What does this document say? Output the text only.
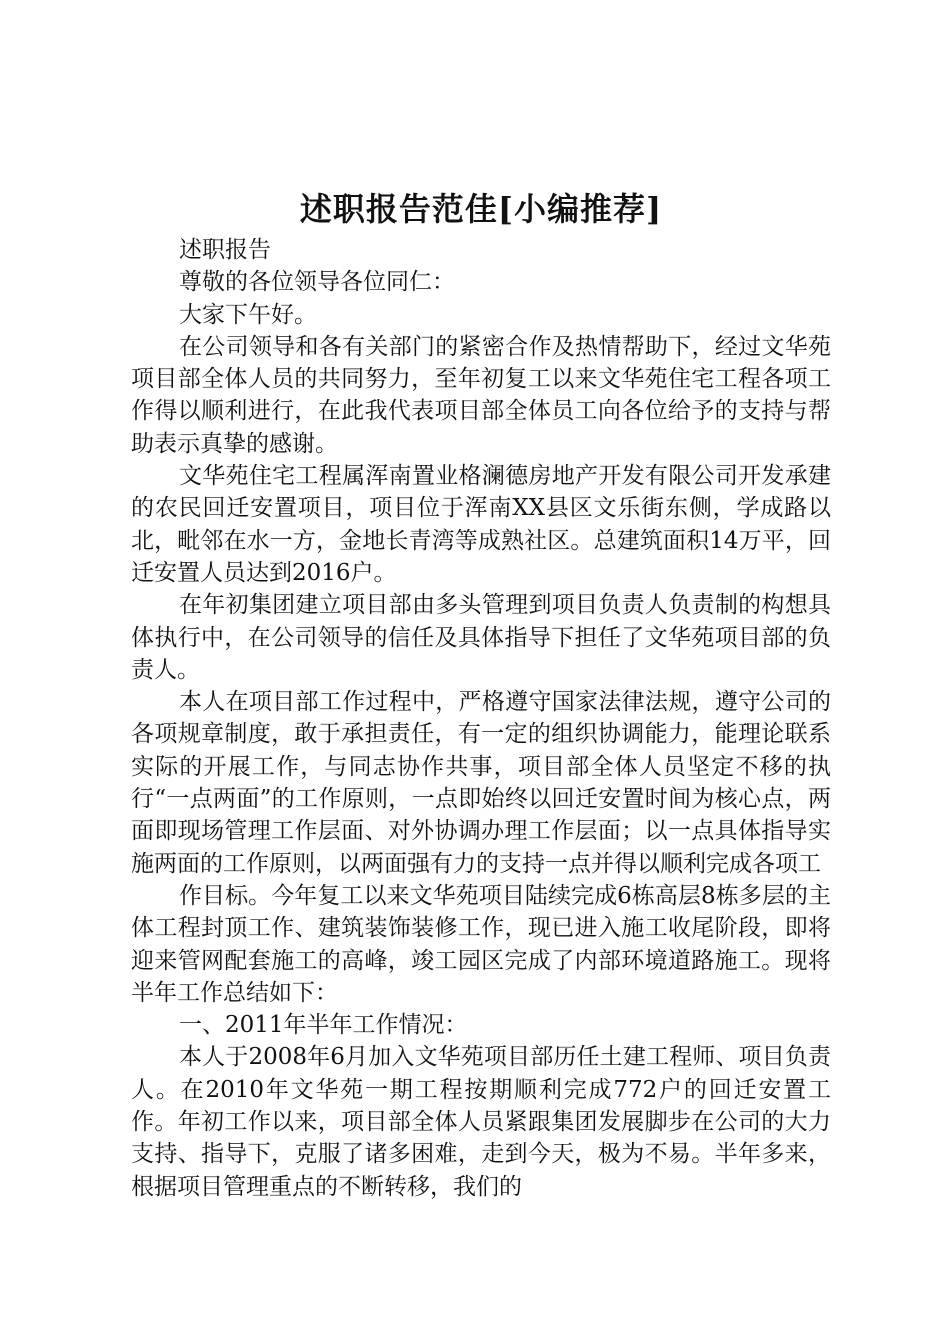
述职报告范佳[小编推荐]

述职报告

尊敬的各位领导各位同仁：

大家下午好。

在公司领导和各有关部门的紧密合作及热情帮助下，经过文华苑项目部全体人员的共同努力，至年初复工以来文华苑住宅工程各项工作得以顺利进行，在此我代表项目部全体员工向各位给予的支持与帮助表示真挚的感谢。

文华苑住宅工程属浑南置业格澜德房地产开发有限公司开发承建的农民回迁安置项目，项目位于浑南XX县区文乐街东侧，学成路以北，毗邻在水一方，金地长青湾等成熟社区。总建筑面积14万平，回迁安置人员达到2016户。

在年初集团建立项目部由多头管理到项目负责人负责制的构想具体执行中，在公司领导的信任及具体指导下担任了文华苑项目部的负责人。

本人在项目部工作过程中，严格遵守国家法律法规，遵守公司的各项规章制度，敢于承担责任，有一定的组织协调能力，能理论联系实际的开展工作，与同志协作共事，项目部全体人员坚定不移的执行“一点两面”的工作原则，一点即始终以回迁安置时间为核心点，两面即现场管理工作层面、对外协调办理工作层面；以一点具体指导实施两面的工作原则，以两面强有力的支持一点并得以顺利完成各项工

作目标。今年复工以来文华苑项目陆续完成6栋高层8栋多层的主体工程封顶工作、建筑装饰装修工作，现已进入施工收尾阶段，即将迎来管网配套施工的高峰，竣工园区完成了内部环境道路施工。现将半年工作总结如下：

一、2011年半年工作情况：

本人于2008年6月加入文华苑项目部历任土建工程师、项目负责人。在2010年文华苑一期工程按期顺利完成772户的回迁安置工作。年初工作以来，项目部全体人员紧跟集团发展脚步在公司的大力支持、指导下，克服了诸多困难，走到今天，极为不易。半年多来，根据项目管理重点的不断转移，我们的
